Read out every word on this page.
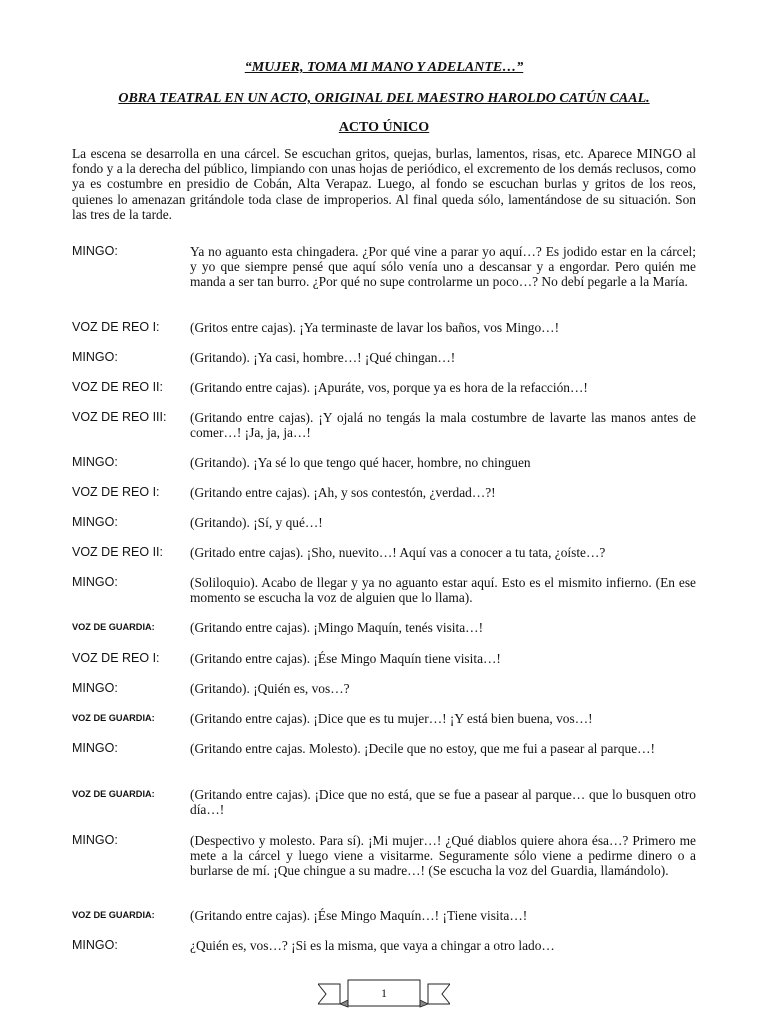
“MUJER, TOMA MI MANO Y ADELANTE…”
OBRA TEATRAL EN UN ACTO, ORIGINAL DEL MAESTRO HAROLDO CATÚN CAAL.
ACTO ÚNICO
La escena se desarrolla en una cárcel. Se escuchan gritos, quejas, burlas, lamentos, risas, etc. Aparece MINGO al fondo y a la derecha del público, limpiando con unas hojas de periódico, el excremento de los demás reclusos, como ya es costumbre en presidio de Cobán, Alta Verapaz. Luego, al fondo se escuchan burlas y gritos de los reos, quienes lo amenazan gritándole toda clase de improperios. Al final queda sólo, lamentándose de su situación. Son las tres de la tarde.
MINGO:	Ya no aguanto esta chingadera. ¿Por qué vine a parar yo aquí…? Es jodido estar en la cárcel; y yo que siempre pensé que aquí sólo venía uno a descansar y a engordar. Pero quién me manda a ser tan burro. ¿Por qué no supe controlarme un poco…? No debí pegarle a la María.
VOZ DE REO I:	(Gritos entre cajas). ¡Ya terminaste de lavar los baños, vos Mingo…!
MINGO:	(Gritando). ¡Ya casi, hombre…! ¡Qué chingan…!
VOZ DE REO II:	(Gritando entre cajas). ¡Apuráte, vos, porque ya es hora de la refacción…!
VOZ DE REO III:	(Gritando entre cajas). ¡Y ojalá no tengás la mala costumbre de lavarte las manos antes de comer…! ¡Ja, ja, ja…!
MINGO:	(Gritando). ¡Ya sé lo que tengo qué hacer, hombre, no chinguen
VOZ DE REO I:	(Gritando entre cajas). ¡Ah, y sos contestón, ¿verdad…?!
MINGO:	(Gritando). ¡Sí, y qué…!
VOZ DE REO II:	(Gritado entre cajas). ¡Sho, nuevito…! Aquí vas a conocer a tu tata, ¿oíste…?
MINGO:	(Soliloquio). Acabo de llegar y ya no aguanto estar aquí. Esto es el mismito infierno. (En ese momento se escucha la voz de alguien que lo llama).
VOZ DE GUARDIA:	(Gritando entre cajas). ¡Mingo Maquín, tenés visita…!
VOZ DE REO I:	(Gritando entre cajas). ¡Ése Mingo Maquín tiene visita…!
MINGO:	(Gritando). ¡Quién es, vos…?
VOZ DE GUARDIA:	(Gritando entre cajas). ¡Dice que es tu mujer…! ¡Y está bien buena, vos…!
MINGO:	(Gritando entre cajas. Molesto). ¡Decile que no estoy, que me fui a pasear al parque…!
VOZ DE GUARDIA:	(Gritando entre cajas). ¡Dice que no está, que se fue a pasear al parque… que lo busquen otro día…!
MINGO:	(Despectivo y molesto. Para sí). ¡Mi mujer…! ¿Qué diablos quiere ahora ésa…? Primero me mete a la cárcel y luego viene a visitarme. Seguramente sólo viene a pedirme dinero o a burlarse de mí. ¡Que chingue a su madre…! (Se escucha la voz del Guardia, llamándolo).
VOZ DE GUARDIA:	(Gritando entre cajas). ¡Ése Mingo Maquín…! ¡Tiene visita…!
MINGO:	¿Quién es, vos…? ¡Si es la misma, que vaya a chingar a otro lado…
1
